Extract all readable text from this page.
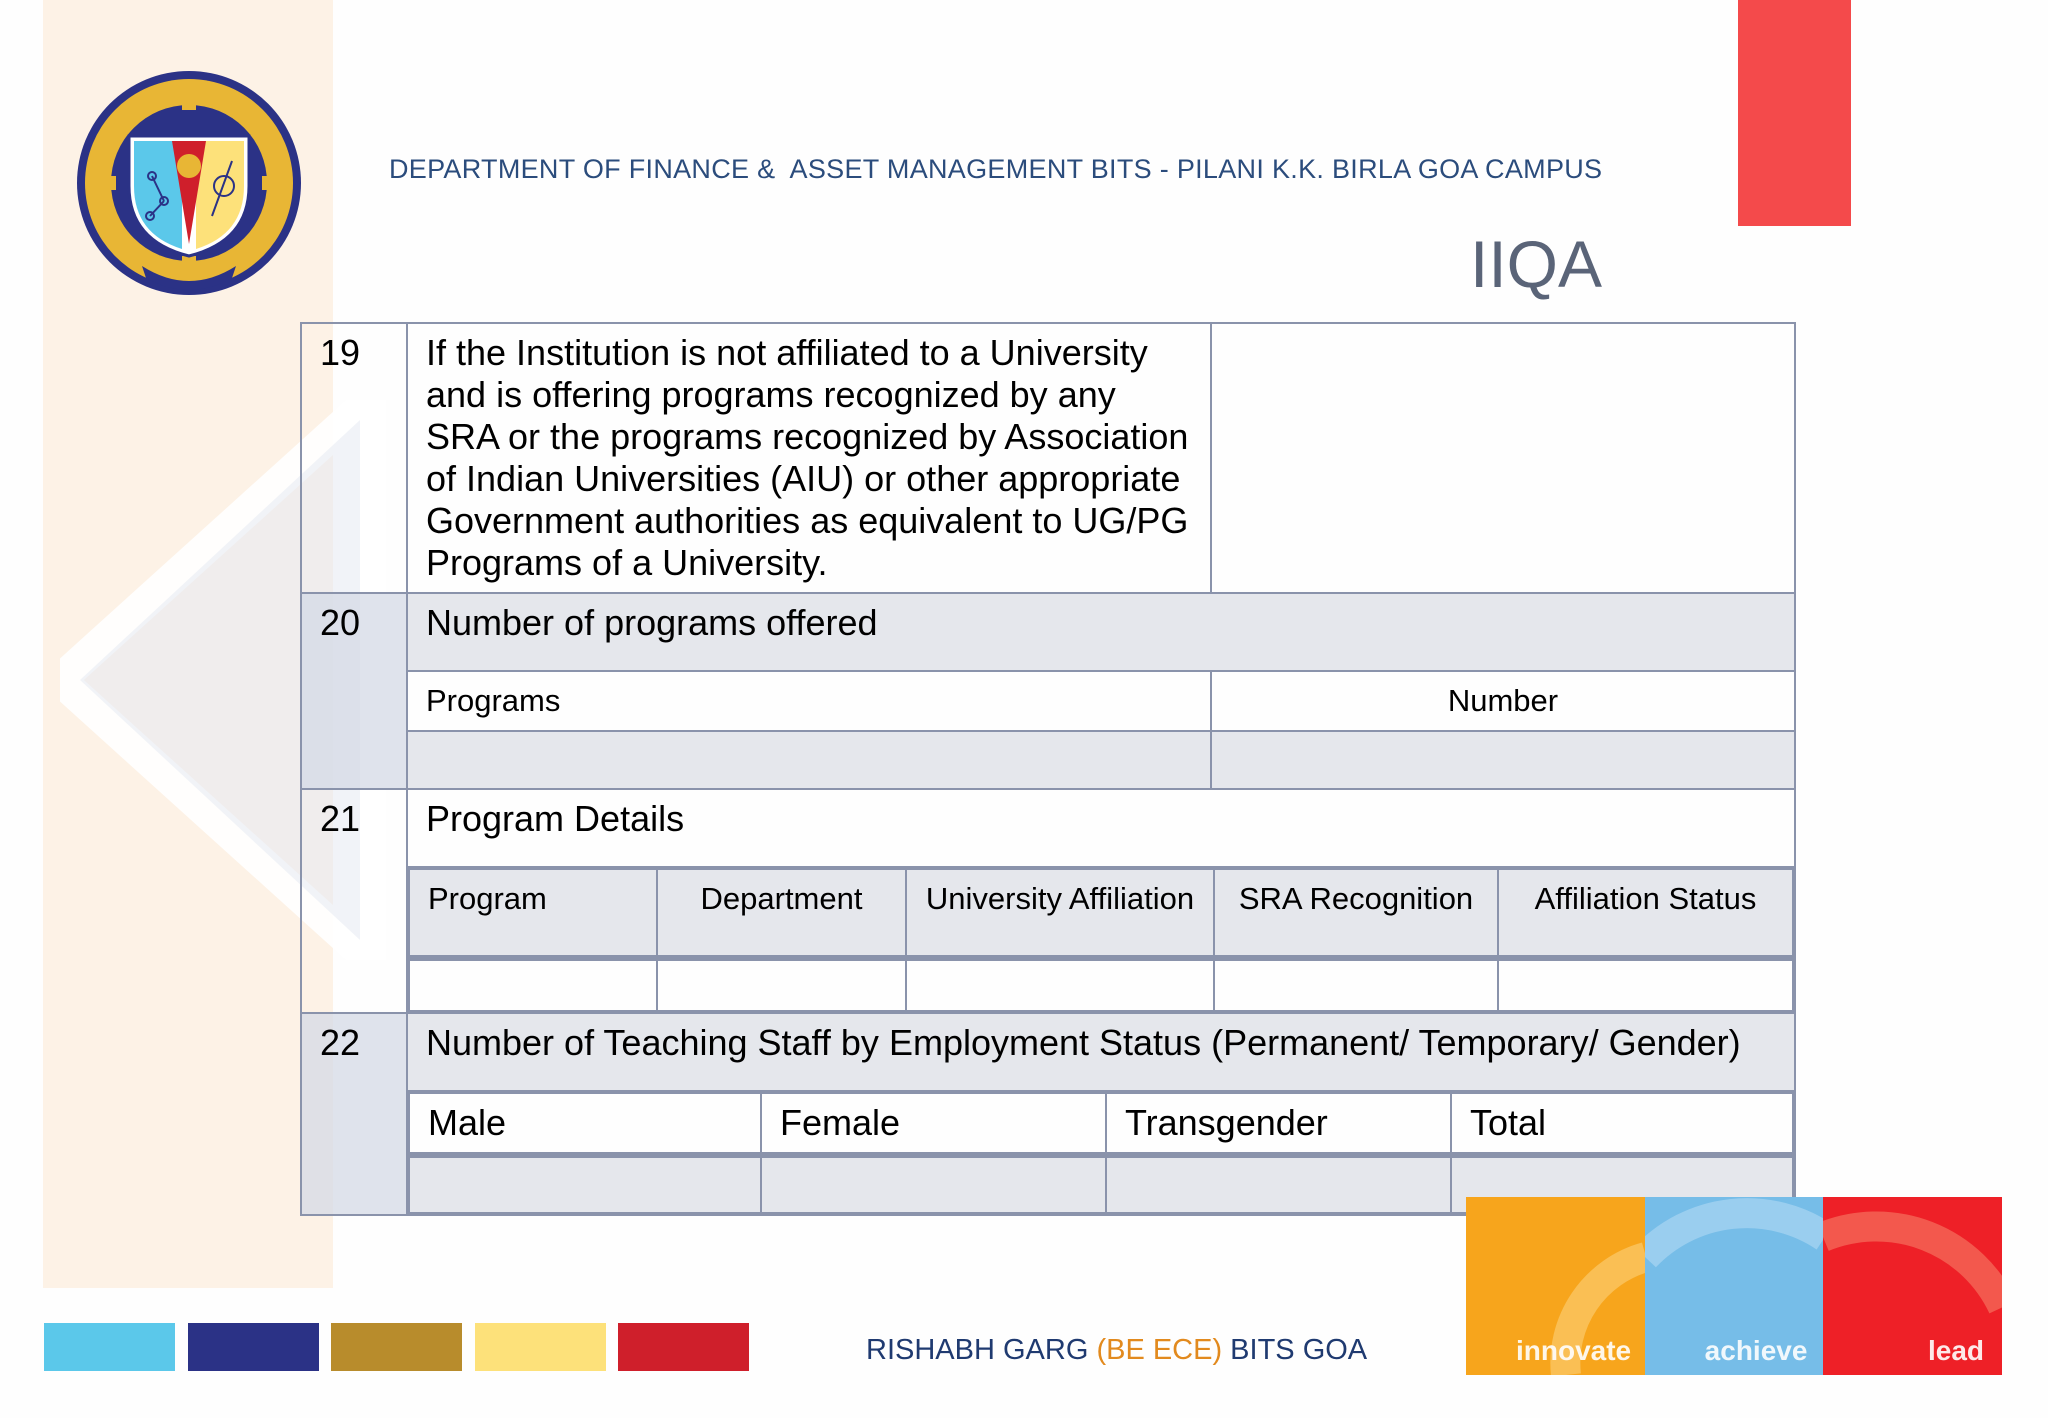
DEPARTMENT OF FINANCE &  ASSET MANAGEMENT BITS - PILANI K.K. BIRLA GOA CAMPUS
IIQA
19	If the Institution is not affiliated to a University and is offering programs recognized by any SRA or the programs recognized by Association of Indian Universities (AIU) or other appropriate Government authorities as equivalent to UG/PG Programs of a University.	
20	Number of programs offered
Programs	Number

21	Program Details

Program	Department	University Affiliation	SRA Recognition	Affiliation Status

22	Number of Teaching Staff by Employment Status (Permanent/ Temporary/ Gender)

Male	Female	Transgender	Total

RISHABH GARG (BE ECE) BITS GOA	innovate	achieve	lead
